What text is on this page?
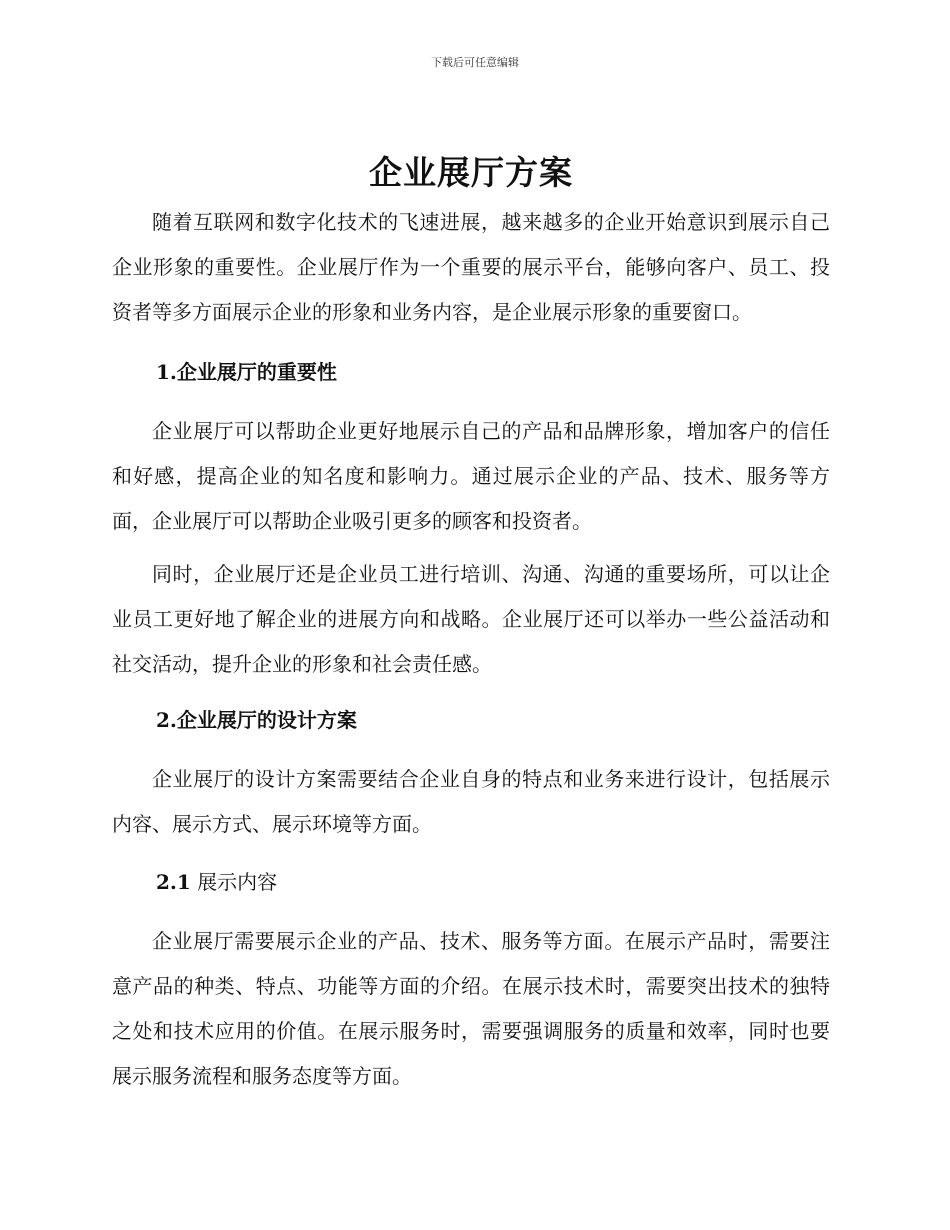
下载后可任意编辑
企业展厅方案

随着互联网和数字化技术的飞速进展，越来越多的企业开始意识到展示自己企业形象的重要性。企业展厅作为一个重要的展示平台，能够向客户、员工、投资者等多方面展示企业的形象和业务内容，是企业展示形象的重要窗口。

1.企业展厅的重要性

企业展厅可以帮助企业更好地展示自己的产品和品牌形象，增加客户的信任和好感，提高企业的知名度和影响力。通过展示企业的产品、技术、服务等方面，企业展厅可以帮助企业吸引更多的顾客和投资者。

同时，企业展厅还是企业员工进行培训、沟通、沟通的重要场所，可以让企业员工更好地了解企业的进展方向和战略。企业展厅还可以举办一些公益活动和社交活动，提升企业的形象和社会责任感。

2.企业展厅的设计方案

企业展厅的设计方案需要结合企业自身的特点和业务来进行设计，包括展示内容、展示方式、展示环境等方面。

2.1 展示内容

企业展厅需要展示企业的产品、技术、服务等方面。在展示产品时，需要注意产品的种类、特点、功能等方面的介绍。在展示技术时，需要突出技术的独特之处和技术应用的价值。在展示服务时，需要强调服务的质量和效率，同时也要展示服务流程和服务态度等方面。
